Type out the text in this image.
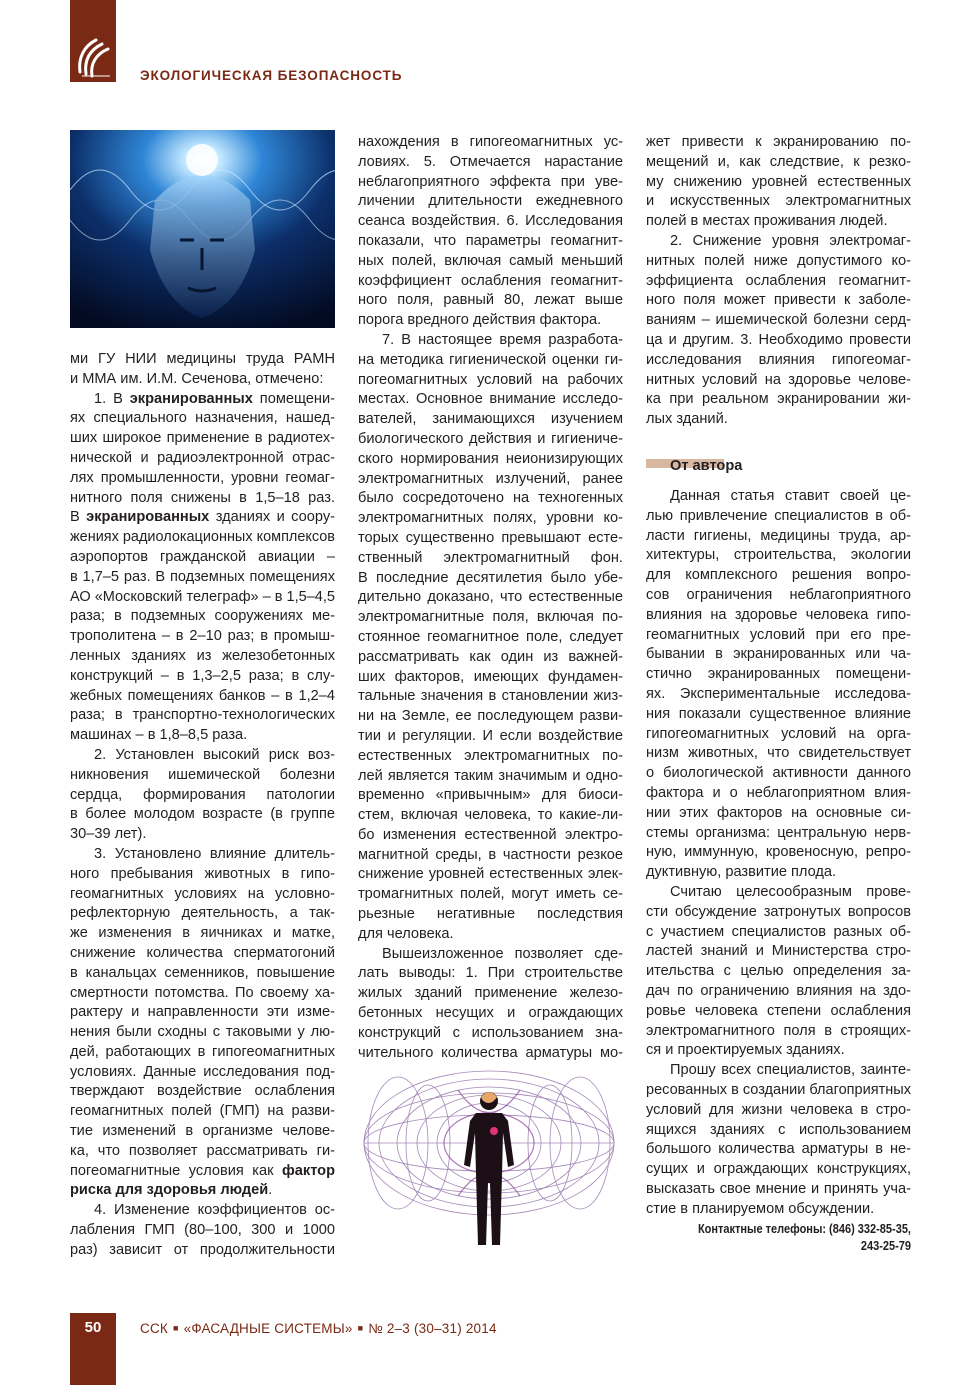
ЭКОЛОГИЧЕСКАЯ БЕЗОПАСНОСТЬ
ми ГУ НИИ медицины труда РАМН
и ММА им. И.М. Сеченова, отмечено:
1. В экранированных помещени-
ях специального назначения, нашед-
ших широкое применение в радиотех-
нической и радиоэлектронной отрас-
лях промышленности, уровни геомаг-
нитного поля снижены в 1,5–18 раз.
В экранированных зданиях и соору-
жениях радиолокационных комплексов
аэропортов гражданской авиации –
в 1,7–5 раз. В подземных помещениях
АО «Московский телеграф» – в 1,5–4,5
раза; в подземных сооружениях ме-
трополитена – в 2–10 раз; в промыш-
ленных зданиях из железобетонных
конструкций – в 1,3–2,5 раза; в слу-
жебных помещениях банков – в 1,2–4
раза; в транспортно-технологических
машинах – в 1,8–8,5 раза.
2. Установлен высокий риск воз-
никновения ишемической болезни
сердца, формирования патологии
в более молодом возрасте (в группе
30–39 лет).
3. Установлено влияние длитель-
ного пребывания животных в гипо-
геомагнитных условиях на условно-
рефлекторную деятельность, а так-
же изменения в яичниках и матке,
снижение количества сперматогоний
в канальцах семенников, повышение
смертности потомства. По своему ха-
рактеру и направленности эти изме-
нения были сходны с таковыми у лю-
дей, работающих в гипогеомагнитных
условиях. Данные исследования под-
тверждают воздействие ослабления
геомагнитных полей (ГМП) на разви-
тие изменений в организме челове-
ка, что позволяет рассматривать ги-
погеомагнитные условия как фактор
риска для здоровья людей.
4. Изменение коэффициентов ос-
лабления ГМП (80–100, 300 и 1000
раз) зависит от продолжительности
нахождения в гипогеомагнитных ус-
ловиях. 5. Отмечается нарастание
неблагоприятного эффекта при уве-
личении длительности ежедневного
сеанса воздействия. 6. Исследования
показали, что параметры геомагнит-
ных полей, включая самый меньший
коэффициент ослабления геомагнит-
ного поля, равный 80, лежат выше
порога вредного действия фактора.
7. В настоящее время разработа-
на методика гигиенической оценки ги-
погеомагнитных условий на рабочих
местах. Основное внимание исследо-
вателей, занимающихся изучением
биологического действия и гигиениче-
ского нормирования неионизирующих
электромагнитных излучений, ранее
было сосредоточено на техногенных
электромагнитных полях, уровни ко-
торых существенно превышают есте-
ственный электромагнитный фон.
В последние десятилетия было убе-
дительно доказано, что естественные
электромагнитные поля, включая по-
стоянное геомагнитное поле, следует
рассматривать как один из важней-
ших факторов, имеющих фундамен-
тальные значения в становлении жиз-
ни на Земле, ее последующем разви-
тии и регуляции. И если воздействие
естественных электромагнитных по-
лей является таким значимым и одно-
временно «привычным» для биоси-
стем, включая человека, то какие-ли-
бо изменения естественной электро-
магнитной среды, в частности резкое
снижение уровней естественных элек-
тромагнитных полей, могут иметь се-
рьезные негативные последствия
для человека.
Вышеизложенное позволяет сде-
лать выводы: 1. При строительстве
жилых зданий применение железо-
бетонных несущих и ограждающих
конструкций с использованием зна-
чительного количества арматуры мо-
жет привести к экранированию по-
мещений и, как следствие, к резко-
му снижению уровней естественных
и искусственных электромагнитных
полей в местах проживания людей.
2. Снижение уровня электромаг-
нитных полей ниже допустимого ко-
эффициента ослабления геомагнит-
ного поля может привести к заболе-
ваниям – ишемической болезни серд-
ца и другим. 3. Необходимо провести
исследования влияния гипогеомаг-
нитных условий на здоровье челове-
ка при реальном экранировании жи-
лых зданий.
От автора
Данная статья ставит своей це-
лью привлечение специалистов в об-
ласти гигиены, медицины труда, ар-
хитектуры, строительства, экологии
для комплексного решения вопро-
сов ограничения неблагоприятного
влияния на здоровье человека гипо-
геомагнитных условий при его пре-
бывании в экранированных или ча-
стично экранированных помещени-
ях. Экспериментальные исследова-
ния показали существенное влияние
гипогеомагнитных условий на орга-
низм животных, что свидетельствует
о биологической активности данного
фактора и о неблагоприятном влия-
нии этих факторов на основные си-
стемы организма: центральную нерв-
ную, иммунную, кровеносную, репро-
дуктивную, развитие плода.
Считаю целесообразным прове-
сти обсуждение затронутых вопросов
с участием специалистов разных об-
ластей знаний и Министерства стро-
ительства с целью определения за-
дач по ограничению влияния на здо-
ровье человека степени ослабления
электромагнитного поля в строящих-
ся и проектируемых зданиях.
Прошу всех специалистов, заинте-
ресованных в создании благоприятных
условий для жизни человека в стро-
ящихся зданиях с использованием
большого количества арматуры в не-
сущих и ограждающих конструкциях,
высказать свое мнение и принять уча-
стие в планируемом обсуждении.
Контактные телефоны: (846) 332-85-35,
243-25-79
50	ССК ■ «ФАСАДНЫЕ СИСТЕМЫ» ■ № 2–3 (30–31) 2014
